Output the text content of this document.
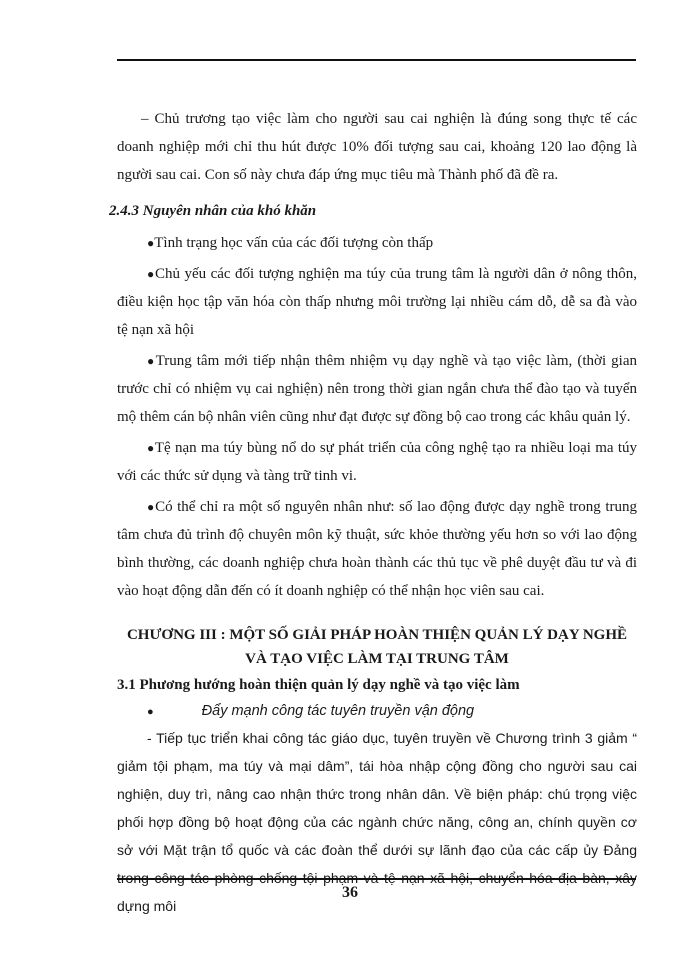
– Chủ trương tạo việc làm cho người sau cai nghiện là đúng song thực tế các doanh nghiệp mới chỉ thu hút được 10% đối tượng sau cai, khoảng 120 lao động là người sau cai. Con số này chưa đáp ứng mục tiêu mà Thành phố đã đề ra.

2.4.3 Nguyên nhân của khó khăn

●Tình trạng học vấn của các đối tượng còn thấp

●Chủ yếu các đối tượng nghiện ma túy của trung tâm là người dân ở nông thôn, điều kiện học tập văn hóa còn thấp nhưng môi trường lại nhiều cám dỗ, dễ sa đà vào tệ nạn xã hội

●Trung tâm mới tiếp nhận thêm nhiệm vụ dạy nghề và tạo việc làm, (thời gian trước chỉ có nhiệm vụ cai nghiện) nên trong thời gian ngắn chưa thể đào tạo và tuyển mộ thêm cán bộ nhân viên cũng như đạt được sự đồng bộ cao trong các khâu quản lý.

●Tệ nạn ma túy bùng nổ do sự phát triển của công nghệ tạo ra nhiều loại ma túy với các thức sử dụng và tàng trữ tinh vi.

●Có thể chỉ ra một số nguyên nhân như: số lao động được dạy nghề trong trung tâm chưa đủ trình độ chuyên môn kỹ thuật, sức khỏe thường yếu hơn so với lao động bình thường, các doanh nghiệp chưa hoàn thành các thủ tục về phê duyệt đầu tư và đi vào hoạt động dẫn đến có ít doanh nghiệp có thể nhận học viên sau cai.

CHƯƠNG III : MỘT SỐ GIẢI PHÁP HOÀN THIỆN QUẢN LÝ DẠY NGHỀ
VÀ TẠO VIỆC LÀM TẠI TRUNG TÂM

3.1 Phương hướng hoàn thiện quản lý dạy nghề và tạo việc làm

●	Đẩy mạnh công tác tuyên truyền vận động

- Tiếp tục triển khai công tác giáo dục, tuyên truyền về Chương trình 3 giảm “ giảm tội phạm, ma túy và mại dâm”, tái hòa nhập cộng đồng cho người sau cai nghiện, duy trì, nâng cao nhận thức trong nhân dân. Về biện pháp: chú trọng việc phối hợp đồng bộ hoạt động của các ngành chức năng, công an, chính quyền cơ sở với Mặt trận tổ quốc và các đoàn thể dưới sự lãnh đạo của các cấp ủy Đảng trong công tác phòng chống tội phạm và tệ nạn xã hội, chuyển hóa địa bàn, xây dựng môi

36
